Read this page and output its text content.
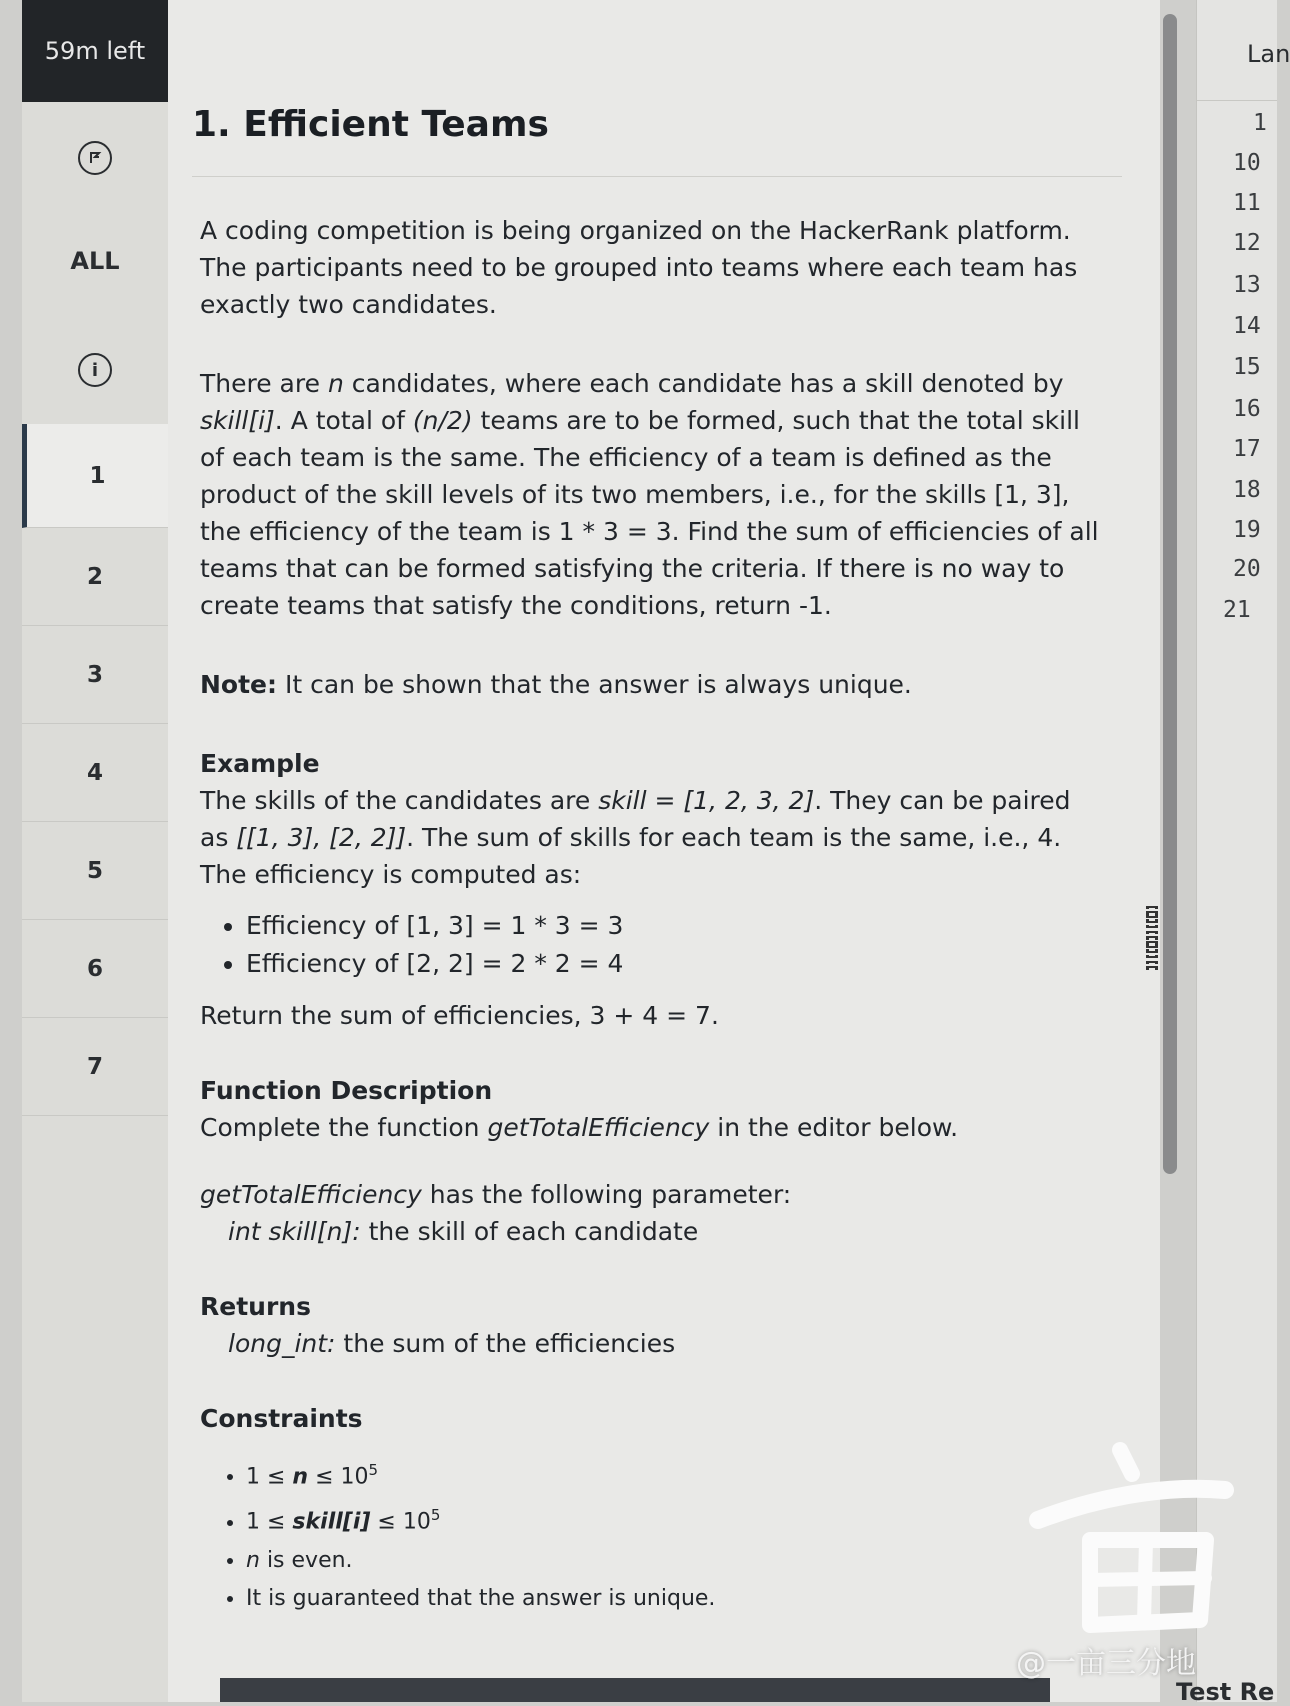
59m left
ALL
i
1
2
3
4
5
6
7
1. Efficient Teams

A coding competition is being organized on the HackerRank platform. The participants need to be grouped into teams where each team has exactly two candidates.

There are n candidates, where each candidate has a skill denoted by skill[i]. A total of (n/2) teams are to be formed, such that the total skill of each team is the same. The efficiency of a team is defined as the product of the skill levels of its two members, i.e., for the skills [1, 3], the efficiency of the team is 1 * 3 = 3. Find the sum of efficiencies of all teams that can be formed satisfying the criteria. If there is no way to create teams that satisfy the conditions, return -1.

Note: It can be shown that the answer is always unique.

Example
The skills of the candidates are skill = [1, 2, 3, 2]. They can be paired as [[1, 3], [2, 2]]. The sum of skills for each team is the same, i.e., 4.
The efficiency is computed as:
• Efficiency of [1, 3] = 1 * 3 = 3
• Efficiency of [2, 2] = 2 * 2 = 4
Return the sum of efficiencies, 3 + 4 = 7.
Function Description
Complete the function getTotalEfficiency in the editor below.
getTotalEfficiency has the following parameter:
int skill[n]: the skill of each candidate
Returns
long_int: the sum of the efficiencies
Constraints
• $1 \le n \le 10^5$
• 1 ≤ skill[i] ≤ $10^5$
• n is even.
• It is guaranteed that the answer is unique.
Lan
1
10
11
12
13
14
15
16
17
18
19
20
21
Test Re
@一亩三分地
